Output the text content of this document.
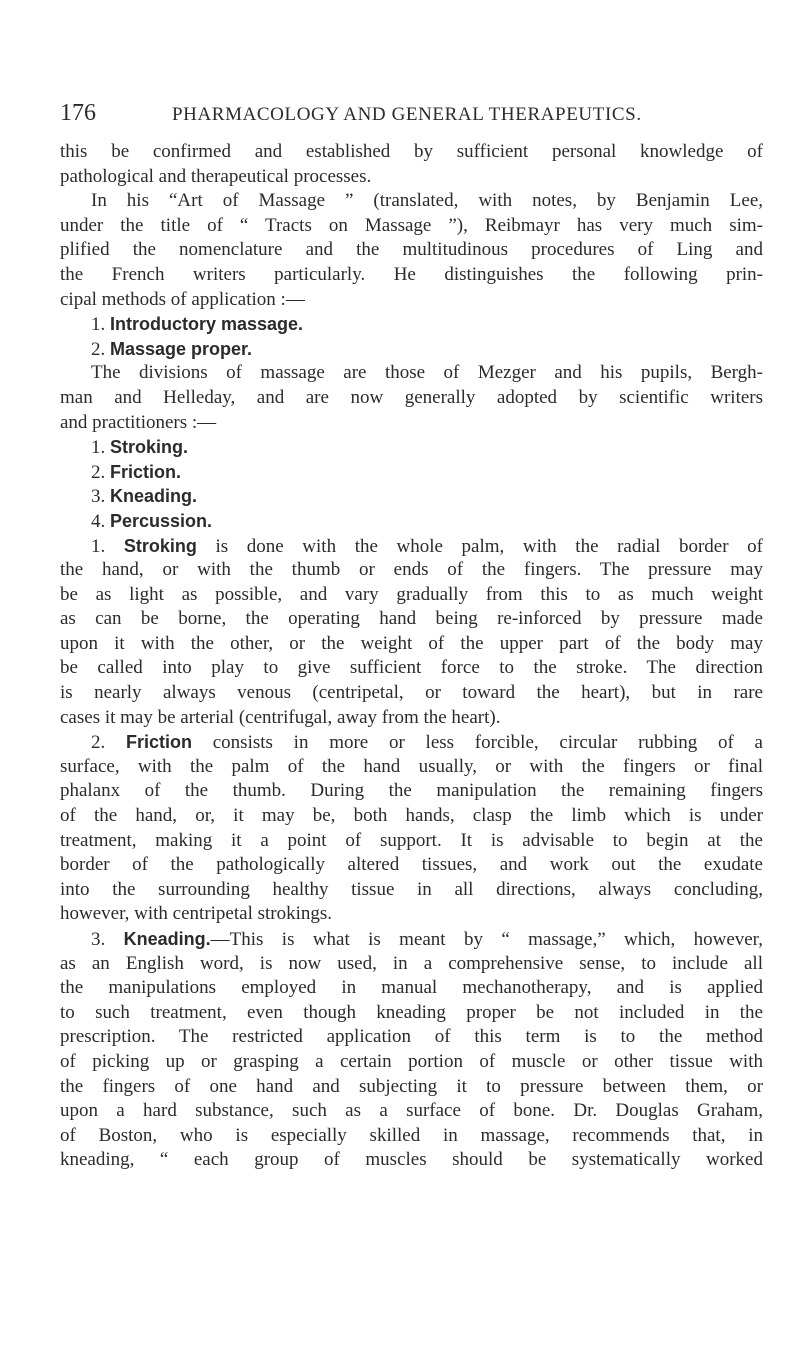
176	PHARMACOLOGY AND GENERAL THERAPEUTICS.
this be confirmed and established by sufficient personal knowledge of
pathological and therapeutical processes.
In his “Art of Massage ” (translated, with notes, by Benjamin Lee,
under the title of “ Tracts on Massage ”), Reibmayr has very much sim-
plified the nomenclature and the multitudinous procedures of Ling and
the French writers particularly. He distinguishes the following prin-
cipal methods of application :—
1. Introductory massage.
2. Massage proper.
The divisions of massage are those of Mezger and his pupils, Bergh-
man and Helleday, and are now generally adopted by scientific writers
and practitioners :—
1. Stroking.
2. Friction.
3. Kneading.
4. Percussion.
1. Stroking is done with the whole palm, with the radial border of
the hand, or with the thumb or ends of the fingers. The pressure may
be as light as possible, and vary gradually from this to as much weight
as can be borne, the operating hand being re-inforced by pressure made
upon it with the other, or the weight of the upper part of the body may
be called into play to give sufficient force to the stroke. The direction
is nearly always venous (centripetal, or toward the heart), but in rare
cases it may be arterial (centrifugal, away from the heart).
2. Friction consists in more or less forcible, circular rubbing of a
surface, with the palm of the hand usually, or with the fingers or final
phalanx of the thumb. During the manipulation the remaining fingers
of the hand, or, it may be, both hands, clasp the limb which is under
treatment, making it a point of support. It is advisable to begin at the
border of the pathologically altered tissues, and work out the exudate
into the surrounding healthy tissue in all directions, always concluding,
however, with centripetal strokings.
3. Kneading.—This is what is meant by “ massage,” which, however,
as an English word, is now used, in a comprehensive sense, to include all
the manipulations employed in manual mechanotherapy, and is applied
to such treatment, even though kneading proper be not included in the
prescription. The restricted application of this term is to the method
of picking up or grasping a certain portion of muscle or other tissue with
the fingers of one hand and subjecting it to pressure between them, or
upon a hard substance, such as a surface of bone. Dr. Douglas Graham,
of Boston, who is especially skilled in massage, recommends that, in
kneading, “ each group of muscles should be systematically worked
